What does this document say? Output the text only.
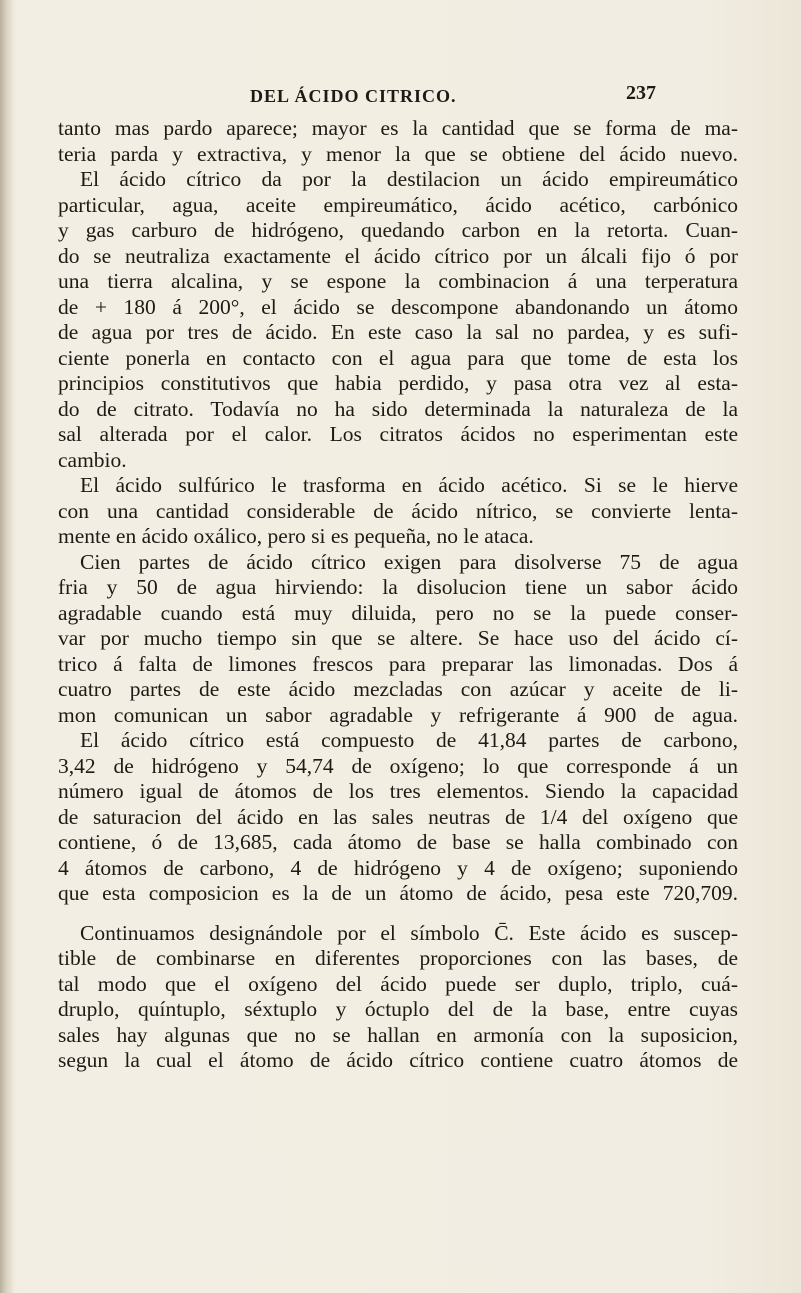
DEL ÁCIDO CITRICO.	237
tanto mas pardo aparece; mayor es la cantidad que se forma de ma-
teria parda y extractiva, y menor la que se obtiene del ácido nuevo.
El ácido cítrico da por la destilacion un ácido empireumático
particular, agua, aceite empireumático, ácido acético, carbónico
y gas carburo de hidrógeno, quedando carbon en la retorta. Cuan-
do se neutraliza exactamente el ácido cítrico por un álcali fijo ó por
una tierra alcalina, y se espone la combinacion á una terperatura
de + 180 á 200°, el ácido se descompone abandonando un átomo
de agua por tres de ácido. En este caso la sal no pardea, y es sufi-
ciente ponerla en contacto con el agua para que tome de esta los
principios constitutivos que habia perdido, y pasa otra vez al esta-
do de citrato. Todavía no ha sido determinada la naturaleza de la
sal alterada por el calor. Los citratos ácidos no esperimentan este
cambio.
El ácido sulfúrico le trasforma en ácido acético. Si se le hierve
con una cantidad considerable de ácido nítrico, se convierte lenta-
mente en ácido oxálico, pero si es pequeña, no le ataca.
Cien partes de ácido cítrico exigen para disolverse 75 de agua
fria y 50 de agua hirviendo: la disolucion tiene un sabor ácido
agradable cuando está muy diluida, pero no se la puede conser-
var por mucho tiempo sin que se altere. Se hace uso del ácido cí-
trico á falta de limones frescos para preparar las limonadas. Dos á
cuatro partes de este ácido mezcladas con azúcar y aceite de li-
mon comunican un sabor agradable y refrigerante á 900 de agua.
El ácido cítrico está compuesto de 41,84 partes de carbono,
3,42 de hidrógeno y 54,74 de oxígeno; lo que corresponde á un
número igual de átomos de los tres elementos. Siendo la capacidad
de saturacion del ácido en las sales neutras de 1/4 del oxígeno que
contiene, ó de 13,685, cada átomo de base se halla combinado con
4 átomos de carbono, 4 de hidrógeno y 4 de oxígeno; suponiendo
que esta composicion es la de un átomo de ácido, pesa este 720,709.
Continuamos designándole por el símbolo C̄. Este ácido es suscep-
tible de combinarse en diferentes proporciones con las bases, de
tal modo que el oxígeno del ácido puede ser duplo, triplo, cuá-
druplo, quíntuplo, séxtuplo y óctuplo del de la base, entre cuyas
sales hay algunas que no se hallan en armonía con la suposicion,
segun la cual el átomo de ácido cítrico contiene cuatro átomos de
